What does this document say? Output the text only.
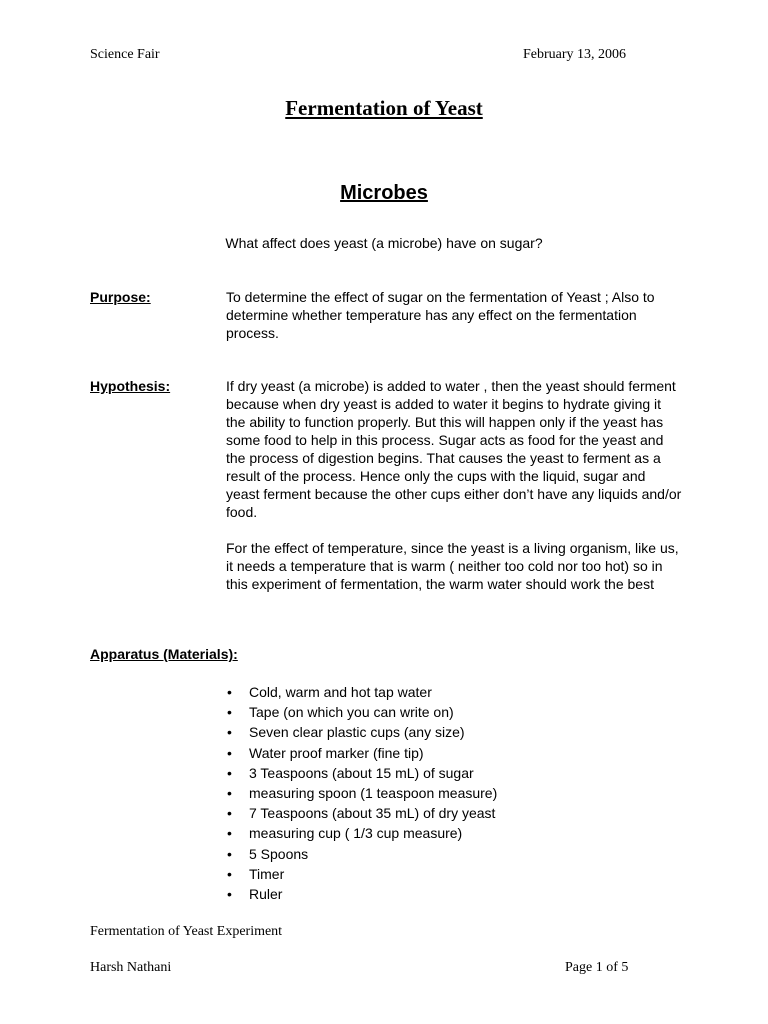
Science Fair	February 13, 2006
Fermentation of Yeast
Microbes
What affect does yeast (a microbe) have on sugar?
Purpose:	To determine the effect of sugar on the fermentation of Yeast ; Also to determine whether temperature has any effect on the fermentation process.
Hypothesis:	If dry yeast (a microbe) is added to water , then the yeast should ferment because when dry yeast is added to water it begins to hydrate giving it the ability to function properly. But this will happen only if the yeast has some food to help in this process. Sugar acts as food for the yeast and the process of digestion begins. That causes the yeast to ferment as a result of the process. Hence only the cups with the liquid, sugar and yeast ferment because the other cups either don’t have any liquids and/or food.
For the effect of temperature, since the yeast is a living organism, like us, it needs a temperature that is warm ( neither too cold nor too hot) so in this experiment of fermentation, the warm water should work the best
Apparatus (Materials):
• Cold, warm and hot tap water
• Tape (on which you can write on)
• Seven clear plastic cups (any size)
• Water proof marker (fine tip)
• 3 Teaspoons (about 15 mL) of sugar
• measuring spoon (1 teaspoon measure)
• 7 Teaspoons (about 35 mL) of dry yeast
• measuring cup ( 1/3 cup measure)
• 5 Spoons
• Timer
• Ruler
Fermentation of Yeast Experiment
Harsh Nathani	Page 1 of 5
